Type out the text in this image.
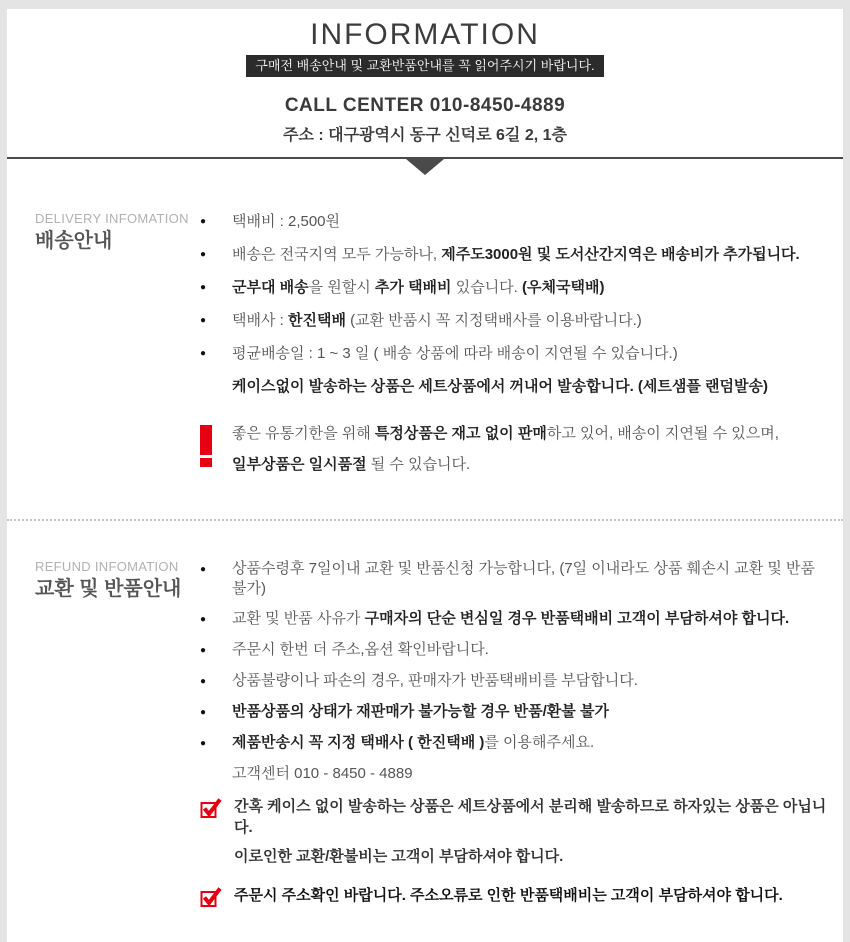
INFORMATION
구매전 배송안내 및 교환반품안내를 꼭 읽어주시기 바랍니다.
CALL CENTER 010-8450-4889
주소 : 대구광역시 동구 신덕로 6길 2, 1층
DELIVERY INFOMATION
배송안내
●	택배비 : 2,500원
●	배송은 전국지역 모두 가능하나, 제주도3000원 및 도서산간지역은 배송비가 추가됩니다.
●	군부대 배송을 원할시 추가 택배비 있습니다. (우체국택배)
●	택배사 : 한진택배 (교환 반품시 꼭 지정택배사를 이용바랍니다.)
●	평균배송일 : 1 ~ 3 일 ( 배송 상품에 따라 배송이 지연될 수 있습니다.)
케이스없이 발송하는 상품은 세트상품에서 꺼내어 발송합니다. (세트샘플 랜덤발송)
좋은 유통기한을 위해 특정상품은 재고 없이 판매하고 있어, 배송이 지연될 수 있으며,
일부상품은 일시품절 될 수 있습니다.
REFUND INFOMATION
교환 및 반품안내
●	상품수령후 7일이내 교환 및 반품신청 가능합니다, (7일 이내라도 상품 훼손시 교환 및 반품 불가)
●	교환 및 반품 사유가 구매자의 단순 변심일 경우 반품택배비 고객이 부담하셔야 합니다.
●	주문시 한번 더 주소,옵션 확인바랍니다.
●	상품불량이나 파손의 경우, 판매자가 반품택배비를 부담합니다.
●	반품상품의 상태가 재판매가 불가능할 경우 반품/환불 불가
●	제품반송시 꼭 지정 택배사 ( 한진택배 )를 이용해주세요.
고객센터 010 - 8450 - 4889
간혹 케이스 없이 발송하는 상품은 세트상품에서 분리해 발송하므로 하자있는 상품은 아닙니다.
이로인한 교환/환불비는 고객이 부담하셔야 합니다.
주문시 주소확인 바랍니다. 주소오류로 인한 반품택배비는 고객이 부담하셔야 합니다.
